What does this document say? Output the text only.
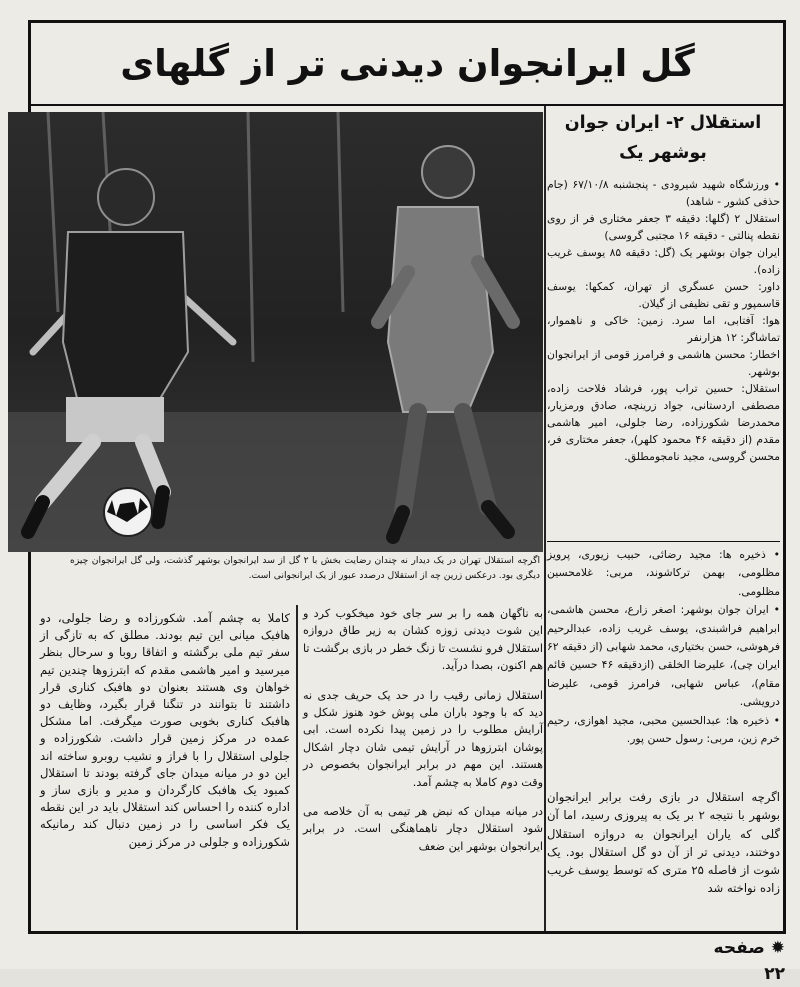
گل ایرانجوان دیدنی تر از گلهای
اگرچه استقلال تهران در یک دیدار نه چندان رضایت بخش با ۲ گل از سد ایرانجوان بوشهر گذشت، ولی گل ایرانجوان چیزه دیگری بود. درعکس زرین چه از استقلال درصدد عبور از یک ایرانجوانی است.
استقلال ۲- ایران جوان
بوشهر یک

• ورزشگاه شهید شیرودی - پنجشنبه ۶۷/۱۰/۸ (جام حذفی کشور - شاهد)

استقلال ۲ (گلها: دقیقه ۳ جعفر مختاری فر از روی نقطه پنالتی - دقیقه ۱۶ مجتبی گروسی)

ایران جوان بوشهر یک (گل: دقیقه ۸۵ یوسف غریب زاده).

داور: حسن عسگری از تهران، کمکها: یوسف قاسمپور و تقی نظیفی از گیلان.

هوا: آفتابی، اما سرد. زمین: خاکی و ناهموار، تماشاگر: ۱۲ هزارنفر

اخطار: محسن هاشمی و فرامرز قومی از ایرانجوان بوشهر.

استقلال: حسین تراب پور، فرشاد فلاحت زاده، مصطفی اردستانی، جواد زرینچه، صادق ورمزیار، محمدرضا شکورزاده، رضا جلولی، امیر هاشمی مقدم (از دقیقه ۴۶ محمود کلهر)، جعفر مختاری فر، محسن گروسی، مجید نامجومطلق.

• ذخیره ها: مجید رضائی، حبیب زیوری، پرویز مظلومی، بهمن ترکاشوند، مربی: غلامحسین مظلومی.

• ایران جوان بوشهر: اصغر زارع، محسن هاشمی، ابراهیم فراشبندی، یوسف غریب زاده، عبدالرحیم فرهوشی، حسن بختیاری، محمد شهابی (از دقیقه ۶۲ ایران چی)، علیرضا الخلقی (ازدقیقه ۴۶ حسین قائم مقام)، عباس شهابی، فرامرز قومی، علیرضا درویشی.

• ذخیره ها: عبدالحسین محبی، مجید اهوازی، رحیم خرم زین، مربی: رسول حسن پور.

اگرچه استقلال در بازی رفت برابر ایرانجوان بوشهر با نتیجه ۲ بر یک به پیروزی رسید، اما آن گلی که یاران ایرانجوان به دروازه استقلال دوختند، دیدنی تر از آن دو گل استقلال بود. یک شوت از فاصله ۲۵ متری که توسط یوسف غریب زاده نواخته شد

به ناگهان همه را بر سر جای خود میخکوب کرد و این شوت دیدنی زوزه کشان به زیر طاق دروازه استقلال فرو نشست تا زنگ خطر در بازی برگشت تا هم اکنون، بصدا درآید.

استقلال زمانی رقیب را در حد یک حریف جدی نه دید که با وجود باران ملی پوش خود هنوز شکل و آرایش مطلوب را در زمین پیدا نکرده است. ابی پوشان ابترزوها در آرایش تیمی شان دچار اشکال هستند. این مهم در برابر ایرانجوان بخصوص در وقت دوم کاملا به چشم آمد.

در میانه میدان که نبض هر تیمی به آن خلاصه می شود استقلال دچار ناهماهنگی است. در برابر ایرانجوان بوشهر این ضعف

کاملا به چشم آمد. شکورزاده و رضا جلولی، دو هافبک میانی این تیم بودند. مطلق که به تازگی از سفر تیم ملی برگشته و اتفاقا روبا و سرحال بنظر میرسید و امیر هاشمی مقدم که ابترزوها چندین تیم خواهان وی هستند بعنوان دو هافبک کناری قرار داشتند تا بتوانند در تنگنا قرار بگیرد، وظایف دو هافبک کناری بخوبی صورت میگرفت. اما مشکل عمده در مرکز زمین قرار داشت. شکورزاده و جلولی استقلال را با فراز و نشیب روبرو ساخته اند این دو در میانه میدان جای گرفته بودند تا استقلال کمبود یک هافبک کارگردان و مدیر و بازی ساز و اداره کننده را احساس کند استقلال باید در این نقطه یک فکر اساسی را در زمین دنبال کند رمانیکه شکورزاده و جلولی در مرکز زمین
✹صفحه ۲۲
